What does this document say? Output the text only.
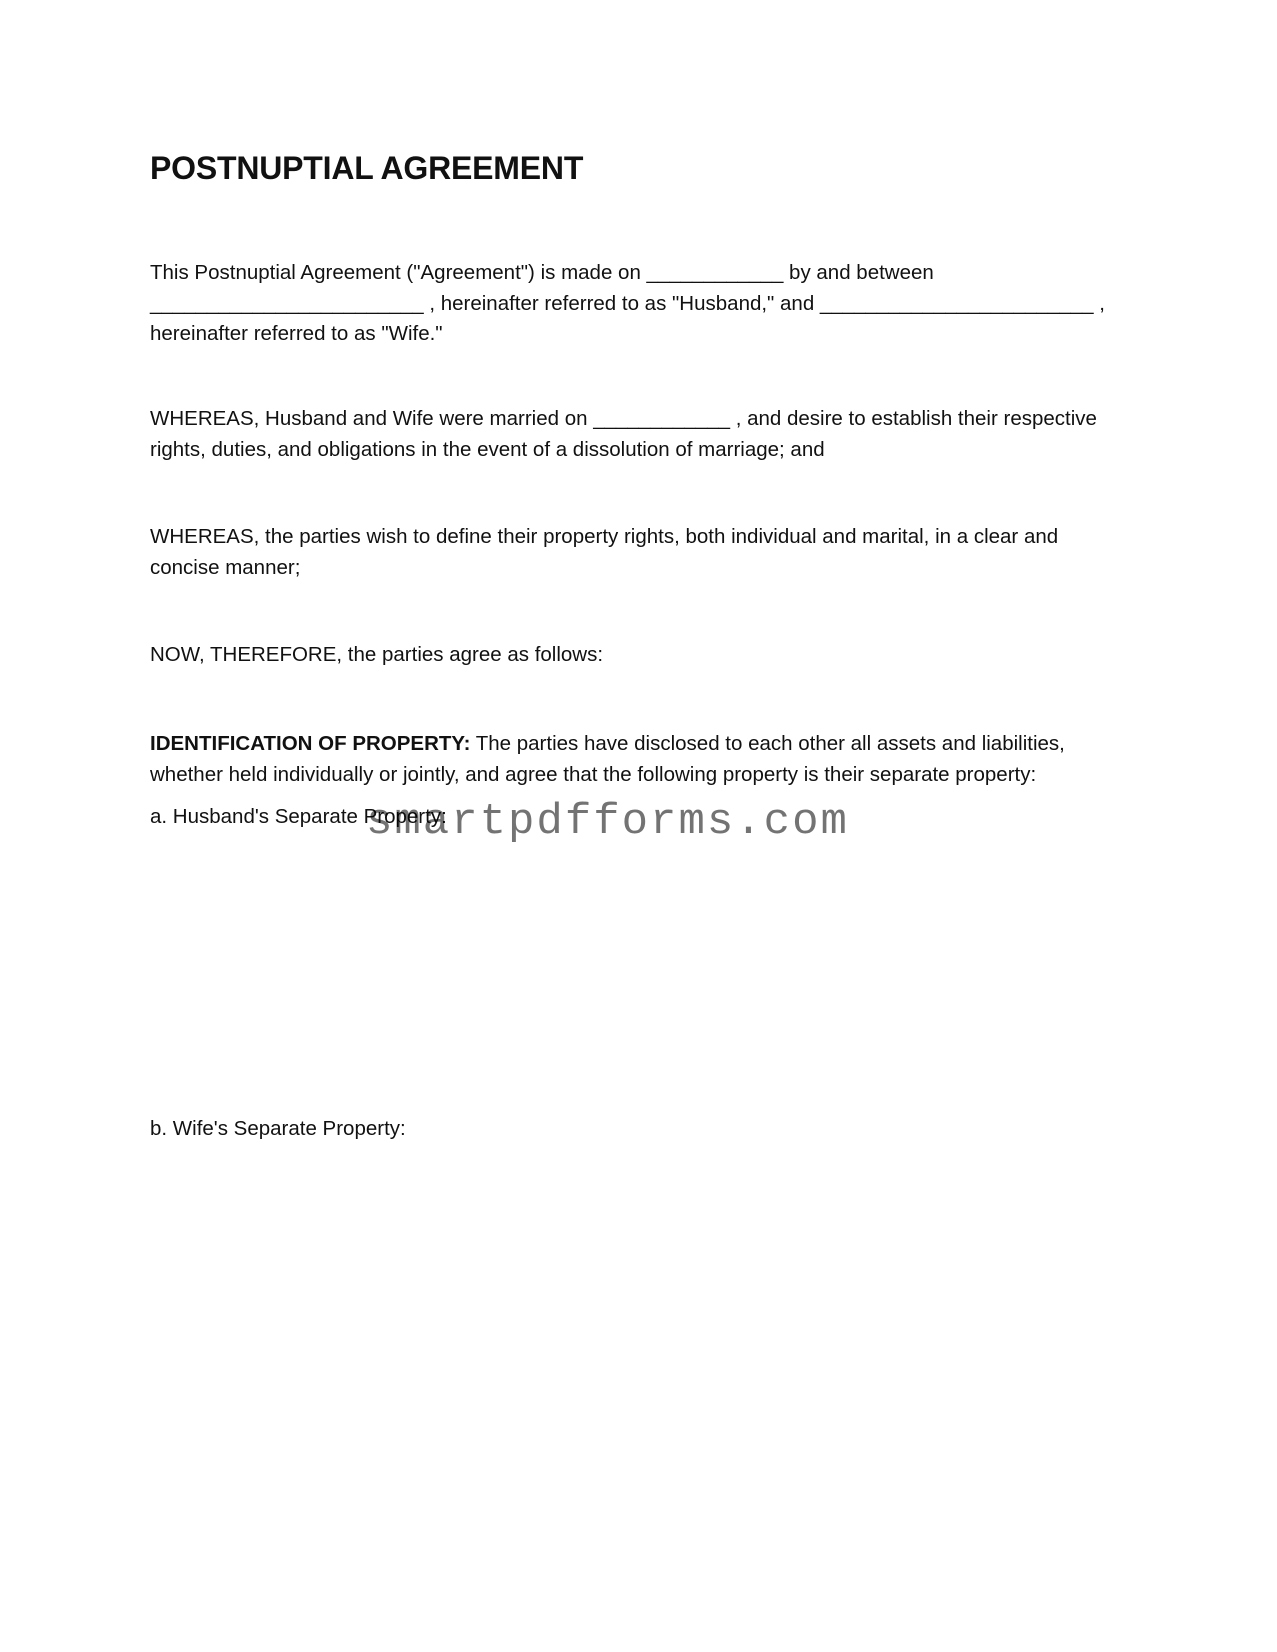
POSTNUPTIAL AGREEMENT

This Postnuptial Agreement ("Agreement") is made on ____________ by and between
________________________ , hereinafter referred to as "Husband," and ________________________ ,
hereinafter referred to as "Wife."

WHEREAS, Husband and Wife were married on ____________ , and desire to establish their respective
rights, duties, and obligations in the event of a dissolution of marriage; and

WHEREAS, the parties wish to define their property rights, both individual and marital, in a clear and
concise manner;

NOW, THEREFORE, the parties agree as follows:

IDENTIFICATION OF PROPERTY: The parties have disclosed to each other all assets and liabilities,
whether held individually or jointly, and agree that the following property is their separate property:

a. Husband's Separate Property:

b. Wife's Separate Property:

smartpdfforms.com
